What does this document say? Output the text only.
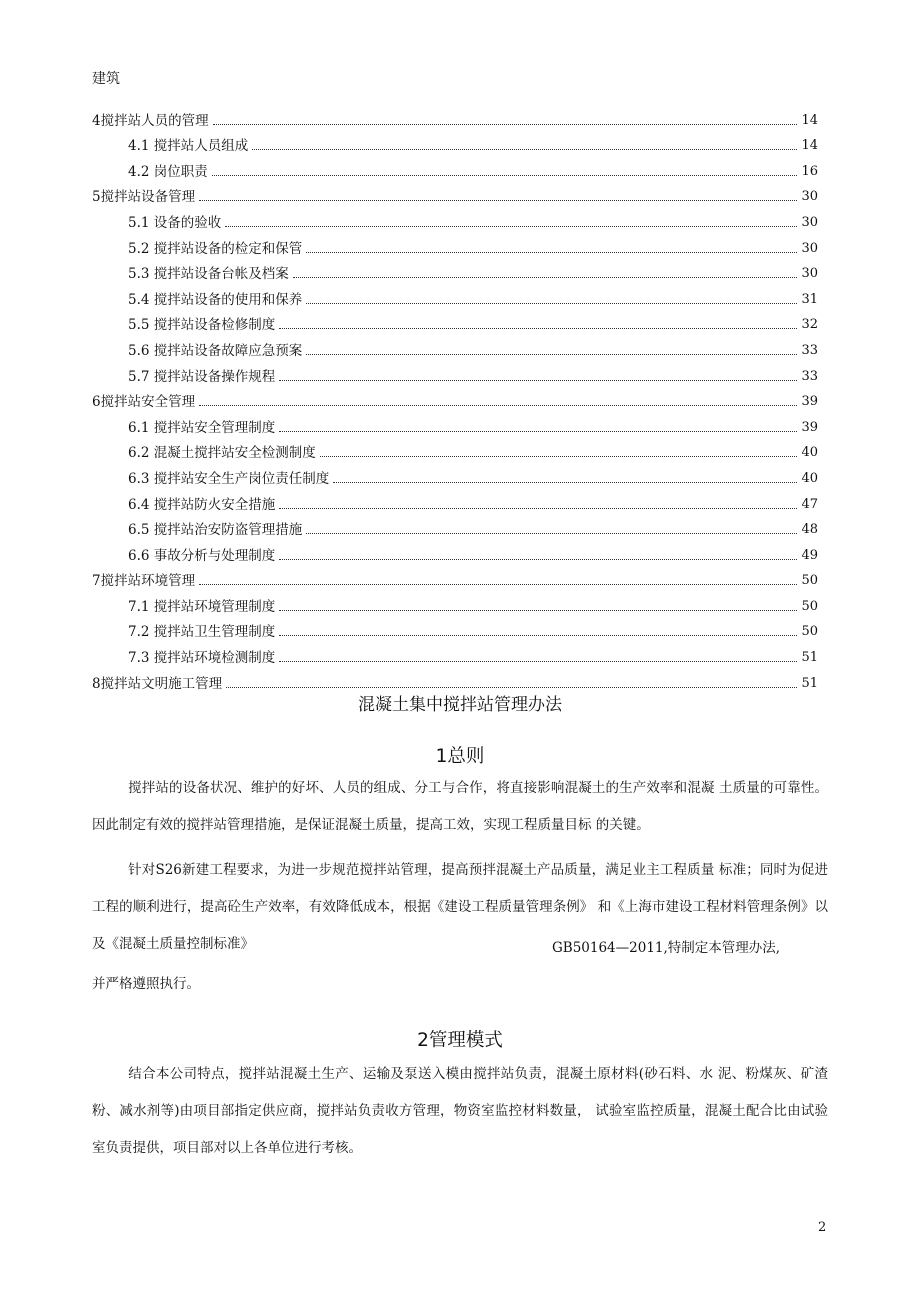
建筑
4搅拌站人员的管理	14
4.1 搅拌站人员组成	14
4.2 岗位职责	16
5搅拌站设备管理	30
5.1 设备的验收	30
5.2 搅拌站设备的检定和保管	30
5.3 搅拌站设备台帐及档案	30
5.4 搅拌站设备的使用和保养	31
5.5 搅拌站设备检修制度	32
5.6 搅拌站设备故障应急预案	33
5.7 搅拌站设备操作规程	33
6搅拌站安全管理	39
6.1 搅拌站安全管理制度	39
6.2 混凝土搅拌站安全检测制度	40
6.3 搅拌站安全生产岗位责任制度	40
6.4 搅拌站防火安全措施	47
6.5 搅拌站治安防盗管理措施	48
6.6 事故分析与处理制度	49
7搅拌站环境管理	50
7.1 搅拌站环境管理制度	50
7.2 搅拌站卫生管理制度	50
7.3 搅拌站环境检测制度	51
8搅拌站文明施工管理	51
混凝土集中搅拌站管理办法
1总则
搅拌站的设备状况、维护的好坏、人员的组成、分工与合作，将直接影响混凝土的生产效率和混凝 土质量的可靠性。因此制定有效的搅拌站管理措施，是保证混凝土质量，提高工效，实现工程质量目标 的关键。
针对S26新建工程要求，为进一步规范搅拌站管理，提高预拌混凝土产品质量，满足业主工程质量 标准；同时为促进工程的顺利进行，提高砼生产效率，有效降低成本，根据《建设工程质量管理条例》 和《上海市建设工程材料管理条例》以及《混凝土质量控制标准》	GB50164—2011,特制定本管理办法,
并严格遵照执行。
2管理模式
结合本公司特点，搅拌站混凝土生产、运输及泵送入模由搅拌站负责，混凝土原材料(砂石料、水 泥、粉煤灰、矿渣粉、减水剂等)由项目部指定供应商，搅拌站负责收方管理，物资室监控材料数量， 试验室监控质量，混凝土配合比由试验室负责提供，项目部对以上各单位进行考核。
2
